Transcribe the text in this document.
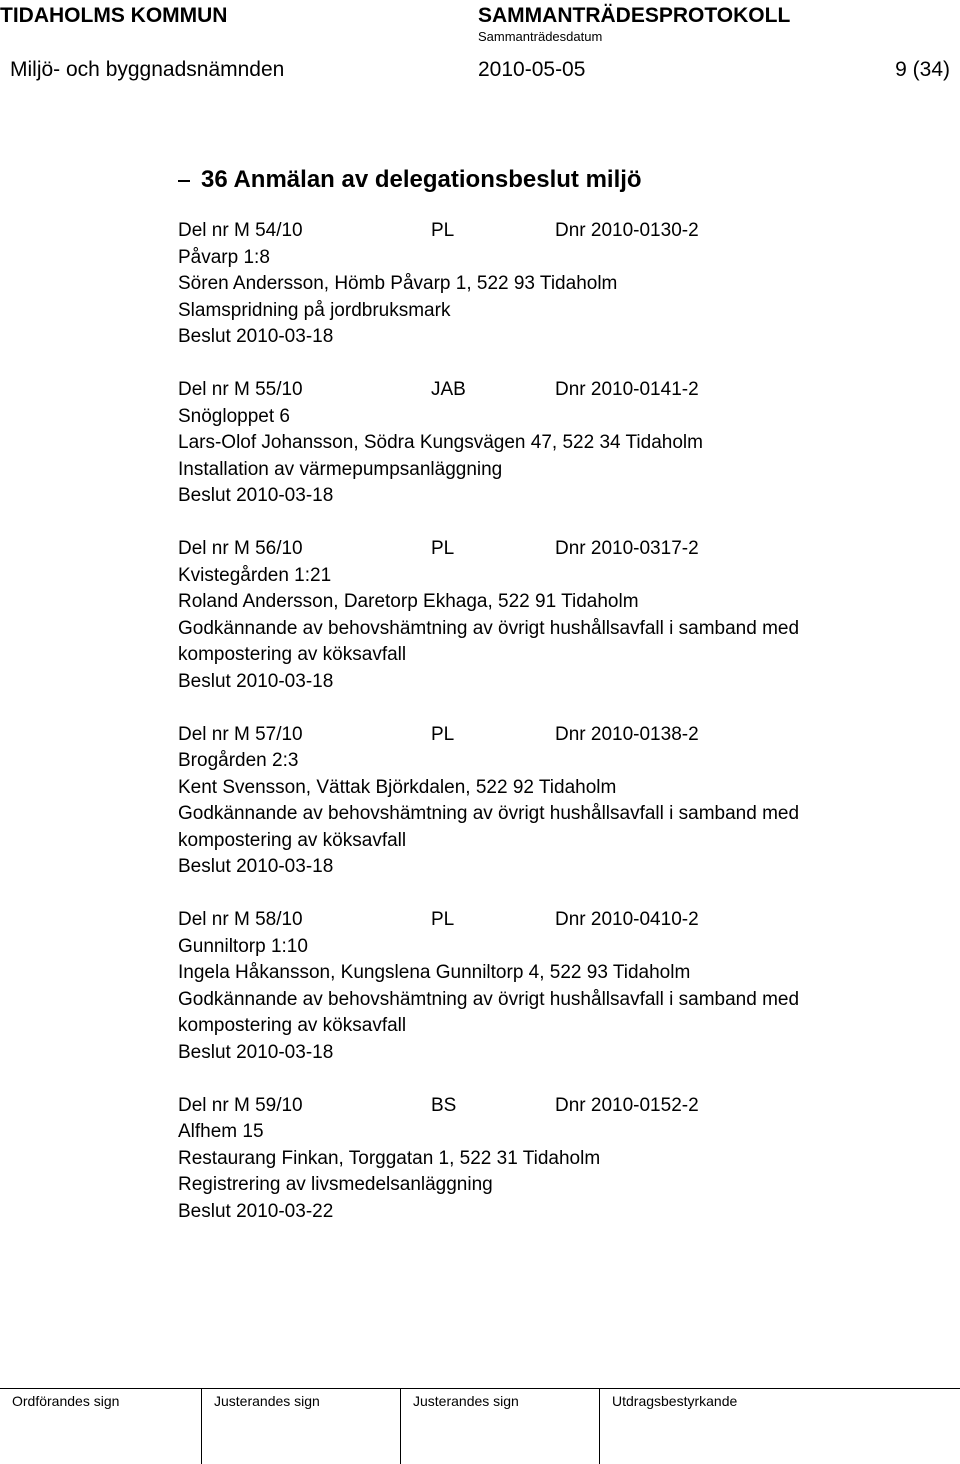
TIDAHOLMS KOMMUN	SAMMANTRÄDESPROTOKOLL
Sammanträdesdatum
Miljö- och byggnadsnämnden	2010-05-05	9 (34)
36 Anmälan av delegationsbeslut miljö
Del nr M 54/10	PL	Dnr 2010-0130-2
Påvarp 1:8
Sören Andersson, Hömb Påvarp 1, 522 93 Tidaholm
Slamspridning på jordbruksmark
Beslut 2010-03-18
Del nr M 55/10	JAB	Dnr 2010-0141-2
Snögloppet 6
Lars-Olof Johansson, Södra Kungsvägen 47, 522 34 Tidaholm
Installation av värmepumpsanläggning
Beslut 2010-03-18
Del nr M 56/10	PL	Dnr 2010-0317-2
Kvistegården 1:21
Roland Andersson, Daretorp Ekhaga, 522 91 Tidaholm
Godkännande av behovshämtning av övrigt hushållsavfall i samband med
kompostering av köksavfall
Beslut 2010-03-18
Del nr M 57/10	PL	Dnr 2010-0138-2
Brogården 2:3
Kent Svensson, Vättak Björkdalen, 522 92 Tidaholm
Godkännande av behovshämtning av övrigt hushållsavfall i samband med
kompostering av köksavfall
Beslut 2010-03-18
Del nr M 58/10	PL	Dnr 2010-0410-2
Gunniltorp 1:10
Ingela Håkansson, Kungslena Gunniltorp 4, 522 93 Tidaholm
Godkännande av behovshämtning av övrigt hushållsavfall i samband med
kompostering av köksavfall
Beslut 2010-03-18
Del nr M 59/10	BS	Dnr 2010-0152-2
Alfhem 15
Restaurang Finkan, Torggatan 1, 522 31 Tidaholm
Registrering av livsmedelsanläggning
Beslut 2010-03-22
Ordförandes sign	Justerandes sign	Justerandes sign	Utdragsbestyrkande
